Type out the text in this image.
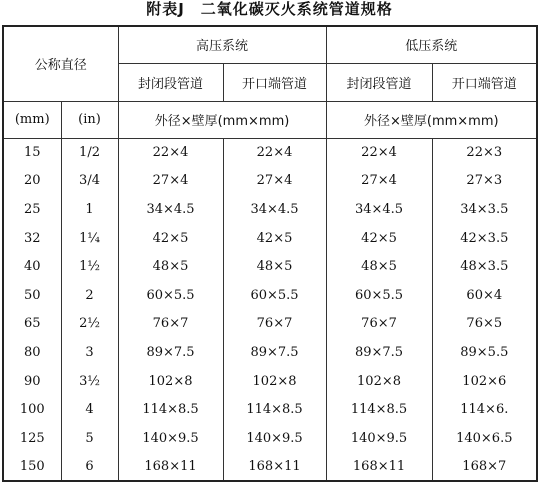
附表J　二氧化碳灭火系统管道规格
公称直径		高压系统		低压系统	
		封闭段管道	开口端管道	封闭段管道	开口端管道
(mm)	(in)	外径×壁厚(mm×mm)		外径×壁厚(mm×mm)	
15	1/2	22×4	22×4	22×4	22×3
20	3/4	27×4	27×4	27×4	27×3
25	1	34×4.5	34×4.5	34×4.5	34×3.5
32	1¼	42×5	42×5	42×5	42×3.5
40	1½	48×5	48×5	48×5	48×3.5
50	2	60×5.5	60×5.5	60×5.5	60×4
65	2½	76×7	76×7	76×7	76×5
80	3	89×7.5	89×7.5	89×7.5	89×5.5
90	3½	102×8	102×8	102×8	102×6
100	4	114×8.5	114×8.5	114×8.5	114×6.
125	5	140×9.5	140×9.5	140×9.5	140×6.5
150	6	168×11	168×11	168×11	168×7
